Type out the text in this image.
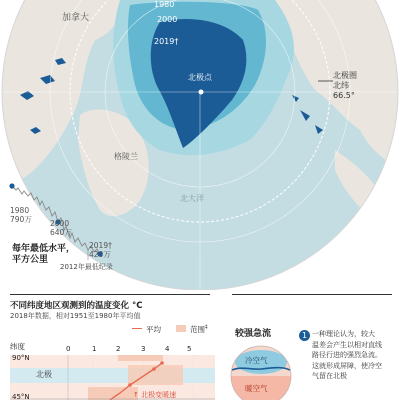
加拿大
1980
2000
2019†
北极点
格陵兰
北大洋
北极圈
北纬
66.5°
1980
790万 2000
640万
2019†
420万
每年最低水平，
平方公里
2012年最低纪录
不同纬度地区观测到的温度变化 °C
2018年数据，相对1951至1980年平均值
平均	范围‡
纬度	0	1	2	3	4	5
90°N
北极
45°N	↑ 北极变暖速
较强急流
冷空气
暖空气
1 一种理论认为，较大
温差会产生以相对直线
路径行进的强烈急流。
这就形成屏障，使冷空
气留在北极
